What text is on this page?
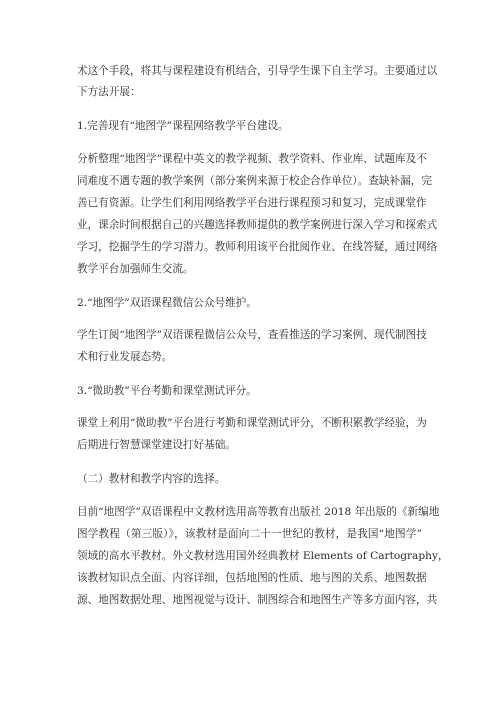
术这个手段，将其与课程建设有机结合，引导学生课下自主学习。主要通过以
下方法开展：
1.完善现有“地图学”课程网络教学平台建设。
分析整理“地图学”课程中英文的教学视频、教学资料、作业库、试题库及不
同难度不遇专题的教学案例（部分案例来源于校企合作单位）。查缺补漏，完
善已有资源。让学生们利用网络教学平台进行课程预习和复习，完成课堂作
业，课余时间根据自己的兴趣选择教师提供的教学案例进行深入学习和探索式
学习，挖掘学生的学习潜力。教师利用该平台批阅作业、在线答疑，通过网络
教学平台加强师生交流。
2.“地图学”双语课程微信公众号维护。
学生订阅“地图学”双语课程微信公众号，查看推送的学习案例、现代制图技
术和行业发展态势。
3.“微助教”平台考勤和课堂测试评分。
课堂上利用“微助教”平台进行考勤和课堂测试评分，不断积累教学经验，为
后期进行智慧课堂建设打好基础。
（二）教材和教学内容的选择。
目前“地图学”双语课程中文教材选用高等教育出版社 2018 年出版的《新编地
图学教程（第三版）》，该教材是面向二十一世纪的教材，是我国“地图学”
领域的高水平教材。外文教材选用国外经典教材 Elements of Cartography，
该教材知识点全面、内容详细，包括地图的性质、地与图的关系、地图数据
源、地图数据处理、地图视觉与设计、制图综合和地图生产等多方面内容，共
